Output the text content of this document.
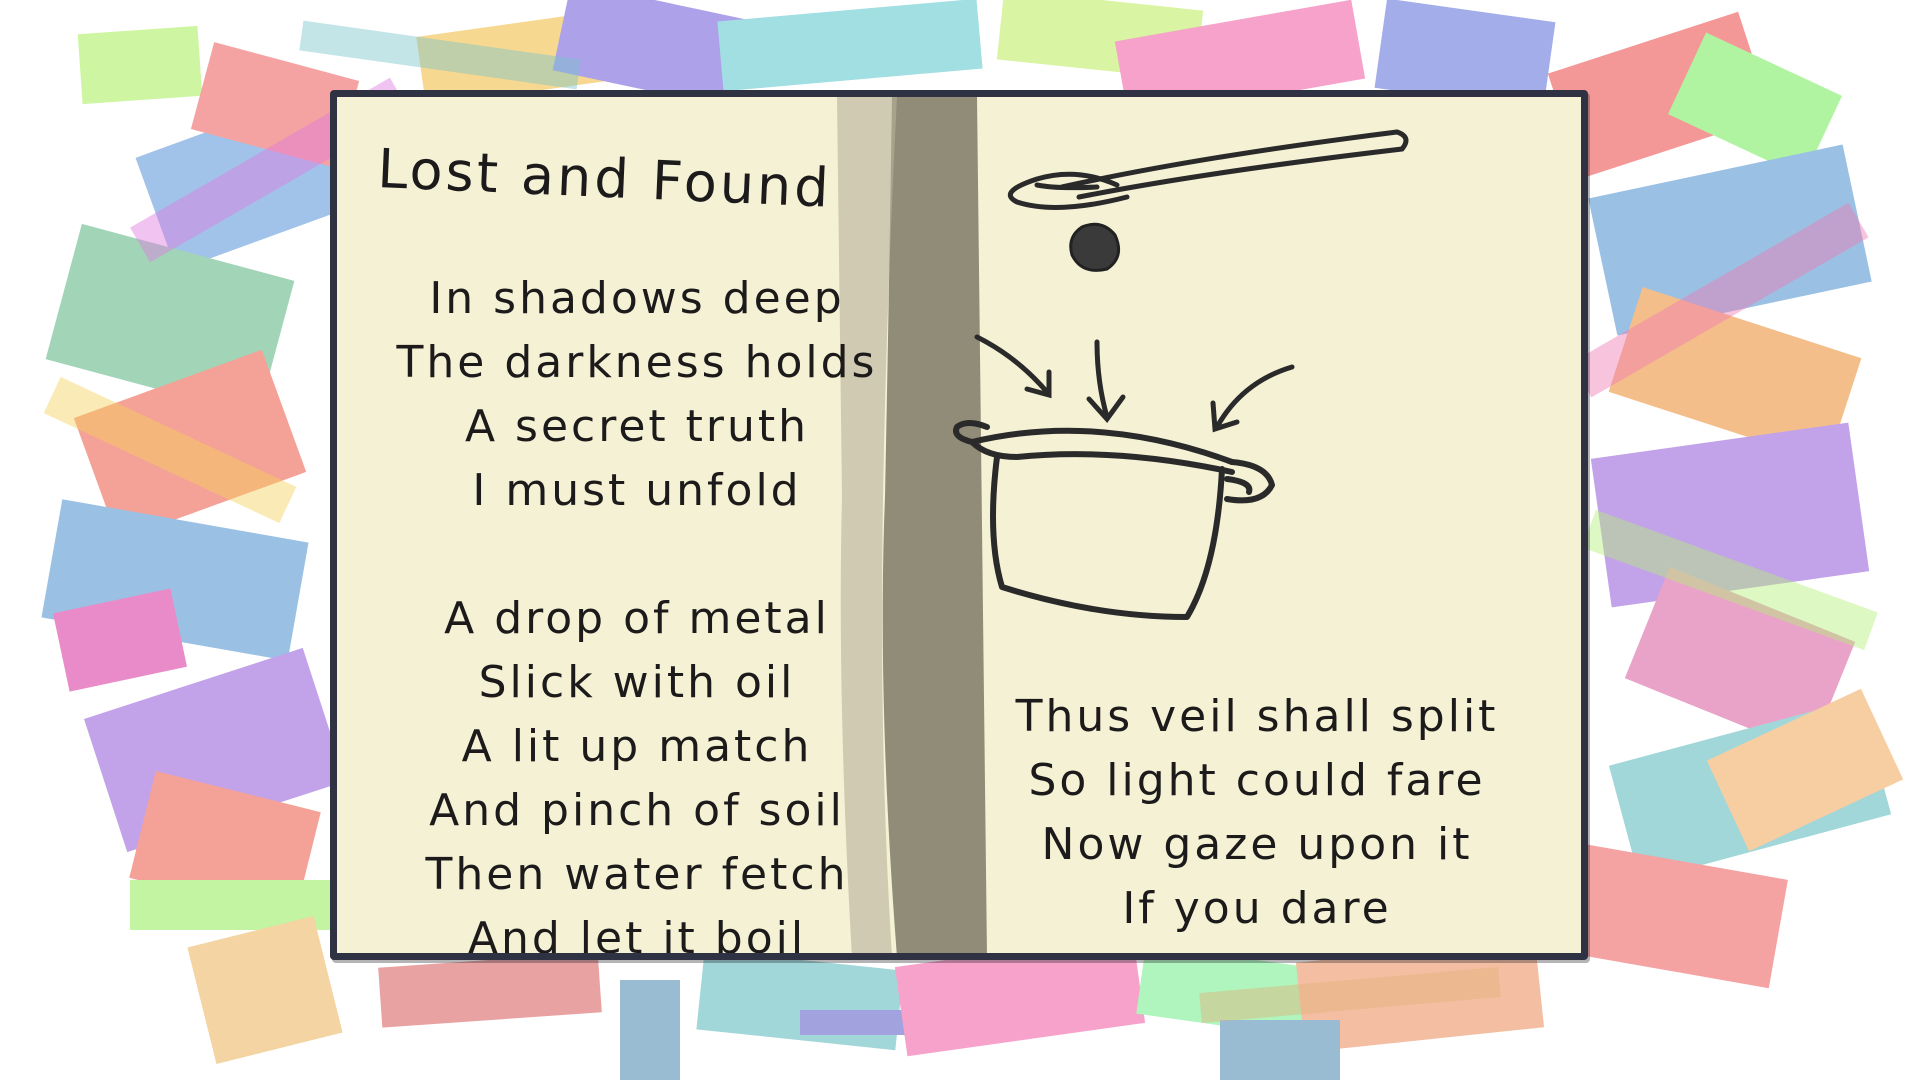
Lost and Found
In shadows deep
The darkness holds
A secret truth
I must unfold
A drop of metal
Slick with oil
A lit up match
And pinch of soil
Then water fetch
And let it boil
Thus veil shall split
So light could fare
Now gaze upon it
If you dare
